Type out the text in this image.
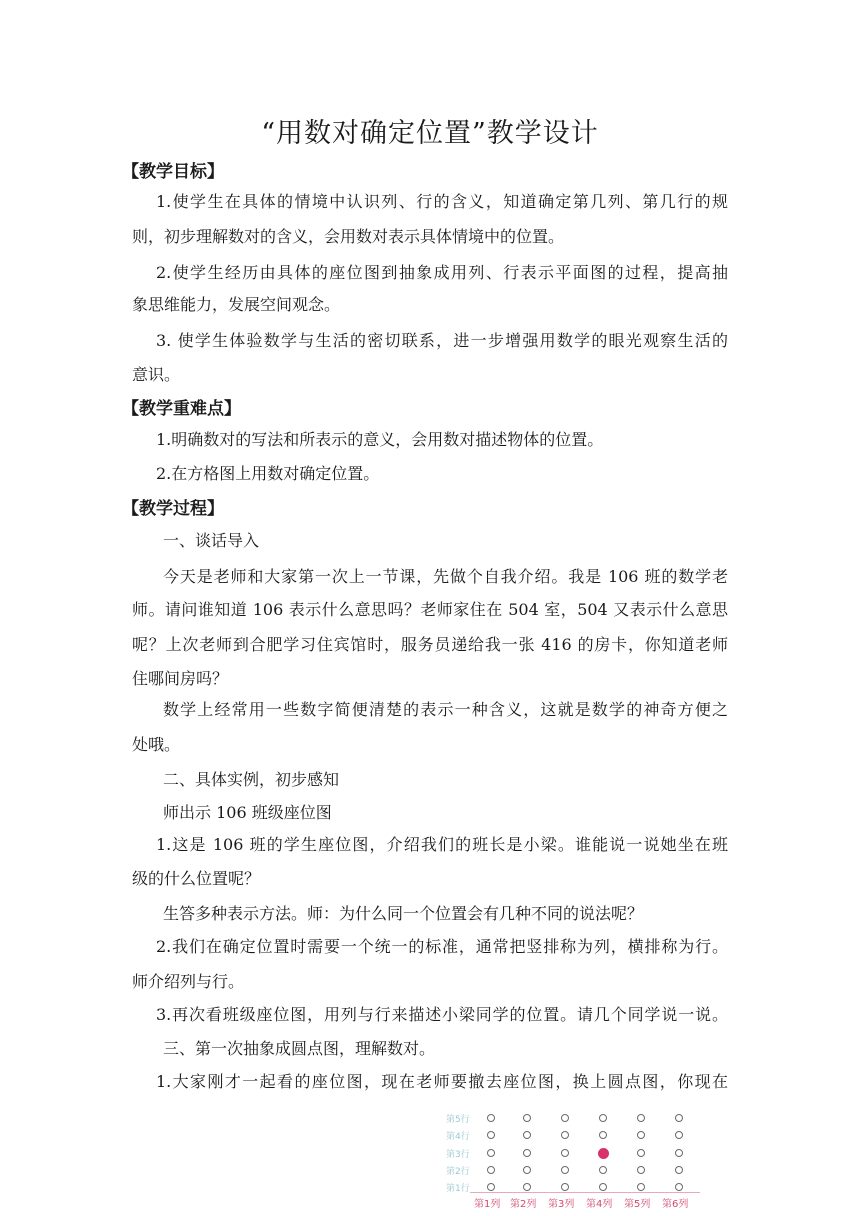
“用数对确定位置”教学设计
【教学目标】
1.使学生在具体的情境中认识列、行的含义，知道确定第几列、第几行的规
则，初步理解数对的含义，会用数对表示具体情境中的位置。
2.使学生经历由具体的座位图到抽象成用列、行表示平面图的过程，提高抽
象思维能力，发展空间观念。
3. 使学生体验数学与生活的密切联系，进一步增强用数学的眼光观察生活的
意识。
【教学重难点】
1.明确数对的写法和所表示的意义，会用数对描述物体的位置。
2.在方格图上用数对确定位置。
【教学过程】
一、谈话导入
今天是老师和大家第一次上一节课，先做个自我介绍。我是 106 班的数学老
师。请问谁知道 106 表示什么意思吗？老师家住在 504 室，504 又表示什么意思
呢？上次老师到合肥学习住宾馆时，服务员递给我一张 416 的房卡，你知道老师
住哪间房吗？
数学上经常用一些数字简便清楚的表示一种含义，这就是数学的神奇方便之
处哦。
二、具体实例，初步感知
师出示 106 班级座位图
1.这是 106 班的学生座位图，介绍我们的班长是小梁。谁能说一说她坐在班
级的什么位置呢？
生答多种表示方法。师：为什么同一个位置会有几种不同的说法呢？
2.我们在确定位置时需要一个统一的标准，通常把竖排称为列，横排称为行。
师介绍列与行。
3.再次看班级座位图，用列与行来描述小梁同学的位置。请几个同学说一说。
三、第一次抽象成圆点图，理解数对。
1.大家刚才一起看的座位图，现在老师要撤去座位图，换上圆点图，你现在
第5行
第4行
第3行
第2行
第1行
第1列 第2列 第3列 第4列 第5列 第6列
